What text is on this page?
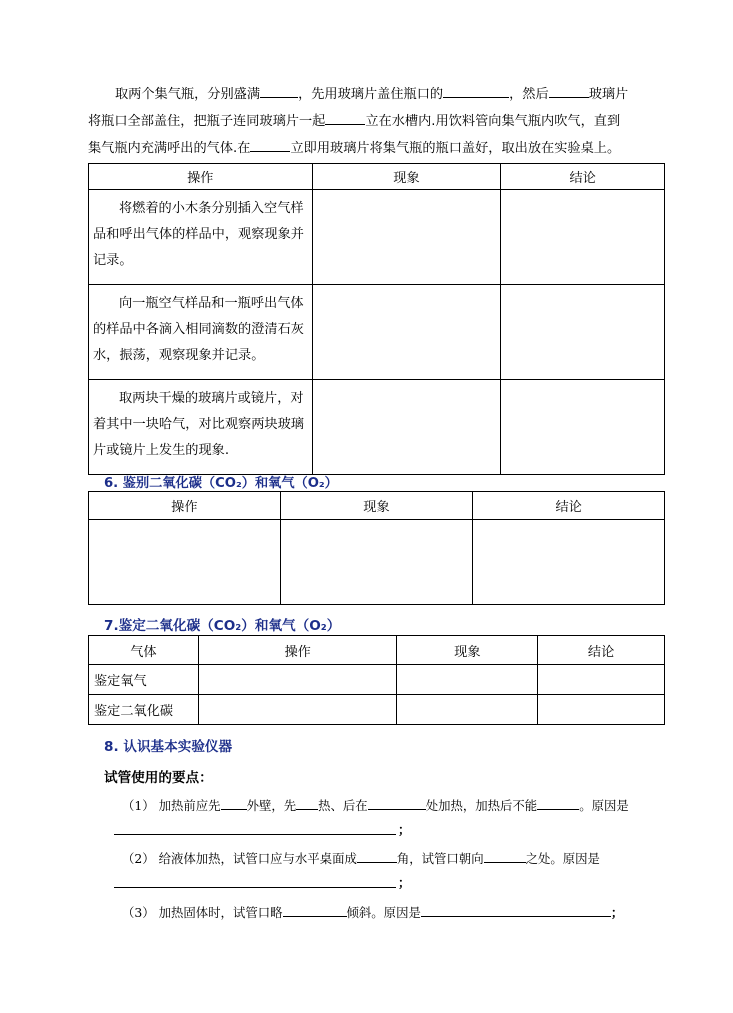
取两个集气瓶，分别盛满	，先用玻璃片盖住瓶口的	，然后	玻璃片
将瓶口全部盖住，把瓶子连同玻璃片一起	立在水槽内.用饮料管向集气瓶内吹气，直到
集气瓶内充满呼出的气体.在	立即用玻璃片将集气瓶的瓶口盖好，取出放在实验桌上。
操作	现象	结论
将燃着的小木条分别插入空气样品和呼出气体的样品中，观察现象并记录。		
向一瓶空气样品和一瓶呼出气体的样品中各滴入相同滴数的澄清石灰水，振荡，观察现象并记录。		
取两块干燥的玻璃片或镜片，对着其中一块哈气，对比观察两块玻璃片或镜片上发生的现象.		
6. 鉴别二氧化碳（CO₂）和氧气（O₂）
操作	现象	结论

7.鉴定二氧化碳（CO₂）和氧气（O₂）
气体	操作	现象	结论
鉴定氧气			
鉴定二氧化碳			
8. 认识基本实验仪器
试管使用的要点：
（1） 加热前应先 外壁，先 热、后在	处加热，加热后不能	。原因是
；
（2） 给液体加热，试管口应与水平桌面成	角，试管口朝向	之处。原因是
；
（3） 加热固体时，试管口略	倾斜。原因是	；
